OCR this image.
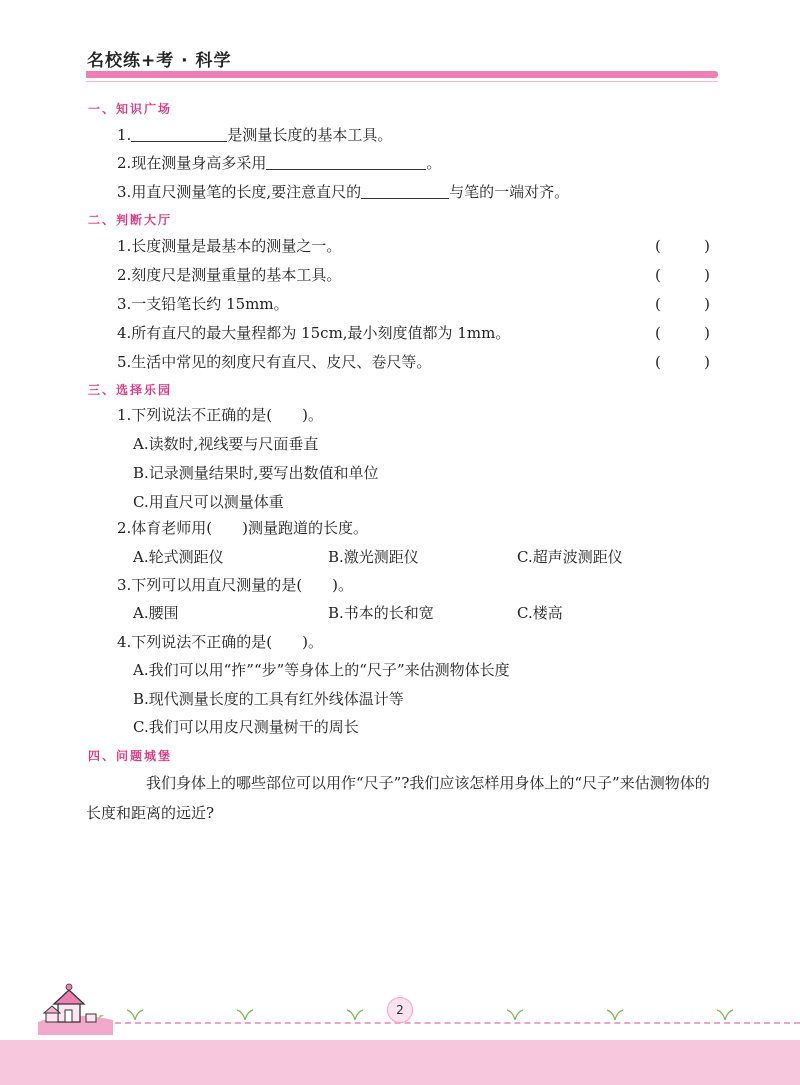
名校练+考 · 科学
一、知识广场
1.	是测量长度的基本工具。
2.现在测量身高多采用	。
3.用直尺测量笔的长度,要注意直尺的	与笔的一端对齐。
二、判断大厅
1.长度测量是最基本的测量之一。	(	)
2.刻度尺是测量重量的基本工具。	(	)
3.一支铅笔长约 15mm。	(	)
4.所有直尺的最大量程都为 15cm,最小刻度值都为 1mm。	(	)
5.生活中常见的刻度尺有直尺、皮尺、卷尺等。	(	)
三、选择乐园
1.下列说法不正确的是(　　)。
A.读数时,视线要与尺面垂直
B.记录测量结果时,要写出数值和单位
C.用直尺可以测量体重
2.体育老师用(　　)测量跑道的长度。
A.轮式测距仪	B.激光测距仪	C.超声波测距仪
3.下列可以用直尺测量的是(　　)。
A.腰围	B.书本的长和宽	C.楼高
4.下列说法不正确的是(　　)。
A.我们可以用“拃”“步”等身体上的“尺子”来估测物体长度
B.现代测量长度的工具有红外线体温计等
C.我们可以用皮尺测量树干的周长
四、问题城堡
我们身体上的哪些部位可以用作“尺子”?我们应该怎样用身体上的“尺子”来估测物体的长度和距离的远近?
2
